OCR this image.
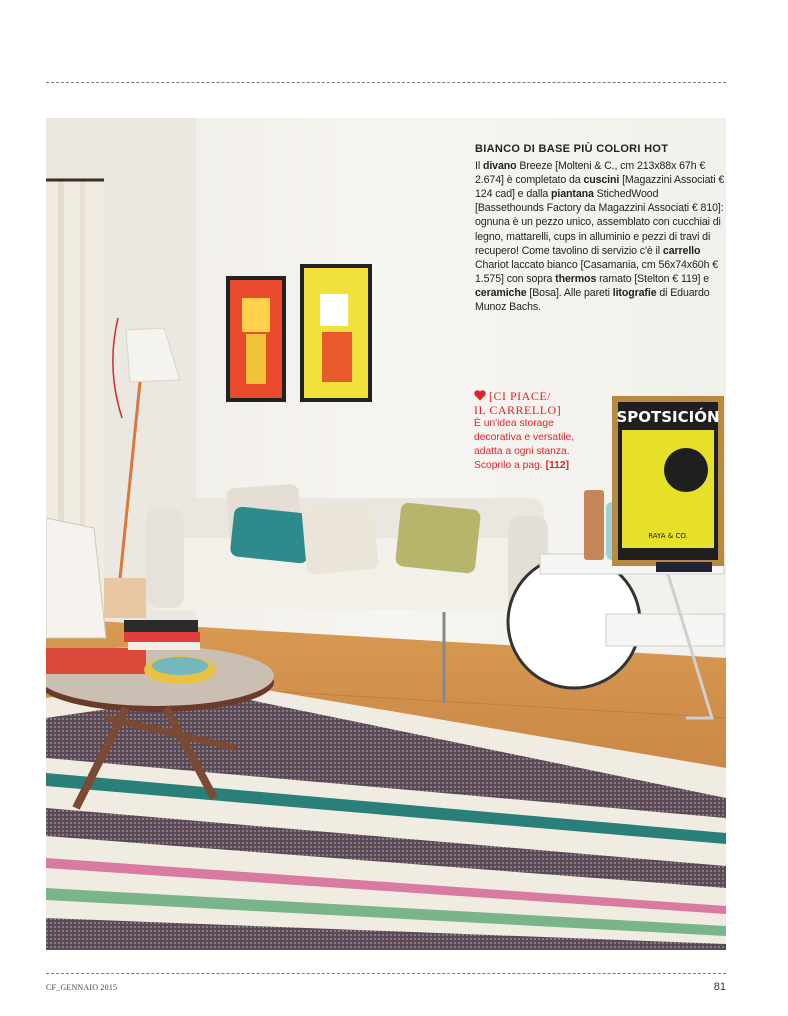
SPOTSICIÓN
RAYA & CO.
BIANCO DI BASE PIÙ COLORI HOT

Il divano Breeze [Molteni & C., cm 213x88x 67h € 2.674] è completato da cuscini [Magazzini Associati € 124 cad] e dalla piantana StichedWood [Bassethounds Factory da Magazzini Associati € 810]: ognuna è un pezzo unico, assemblato con cucchiai di legno, mattarelli, cups in alluminio e pezzi di travi di recupero! Come tavolino di servizio c'è il carrello Chariot laccato bianco [Casamania, cm 56x74x60h € 1.575] con sopra thermos ramato [Stelton € 119] e ceramiche [Bosa]. Alle pareti litografie di Eduardo Munoz Bachs.

[CI PIACE/
IL CARRELLO]
È un'idea storage decorativa e versatile, adatta a ogni stanza. Scoprilo a pag. [112]
CF_GENNAIO 2015	81
